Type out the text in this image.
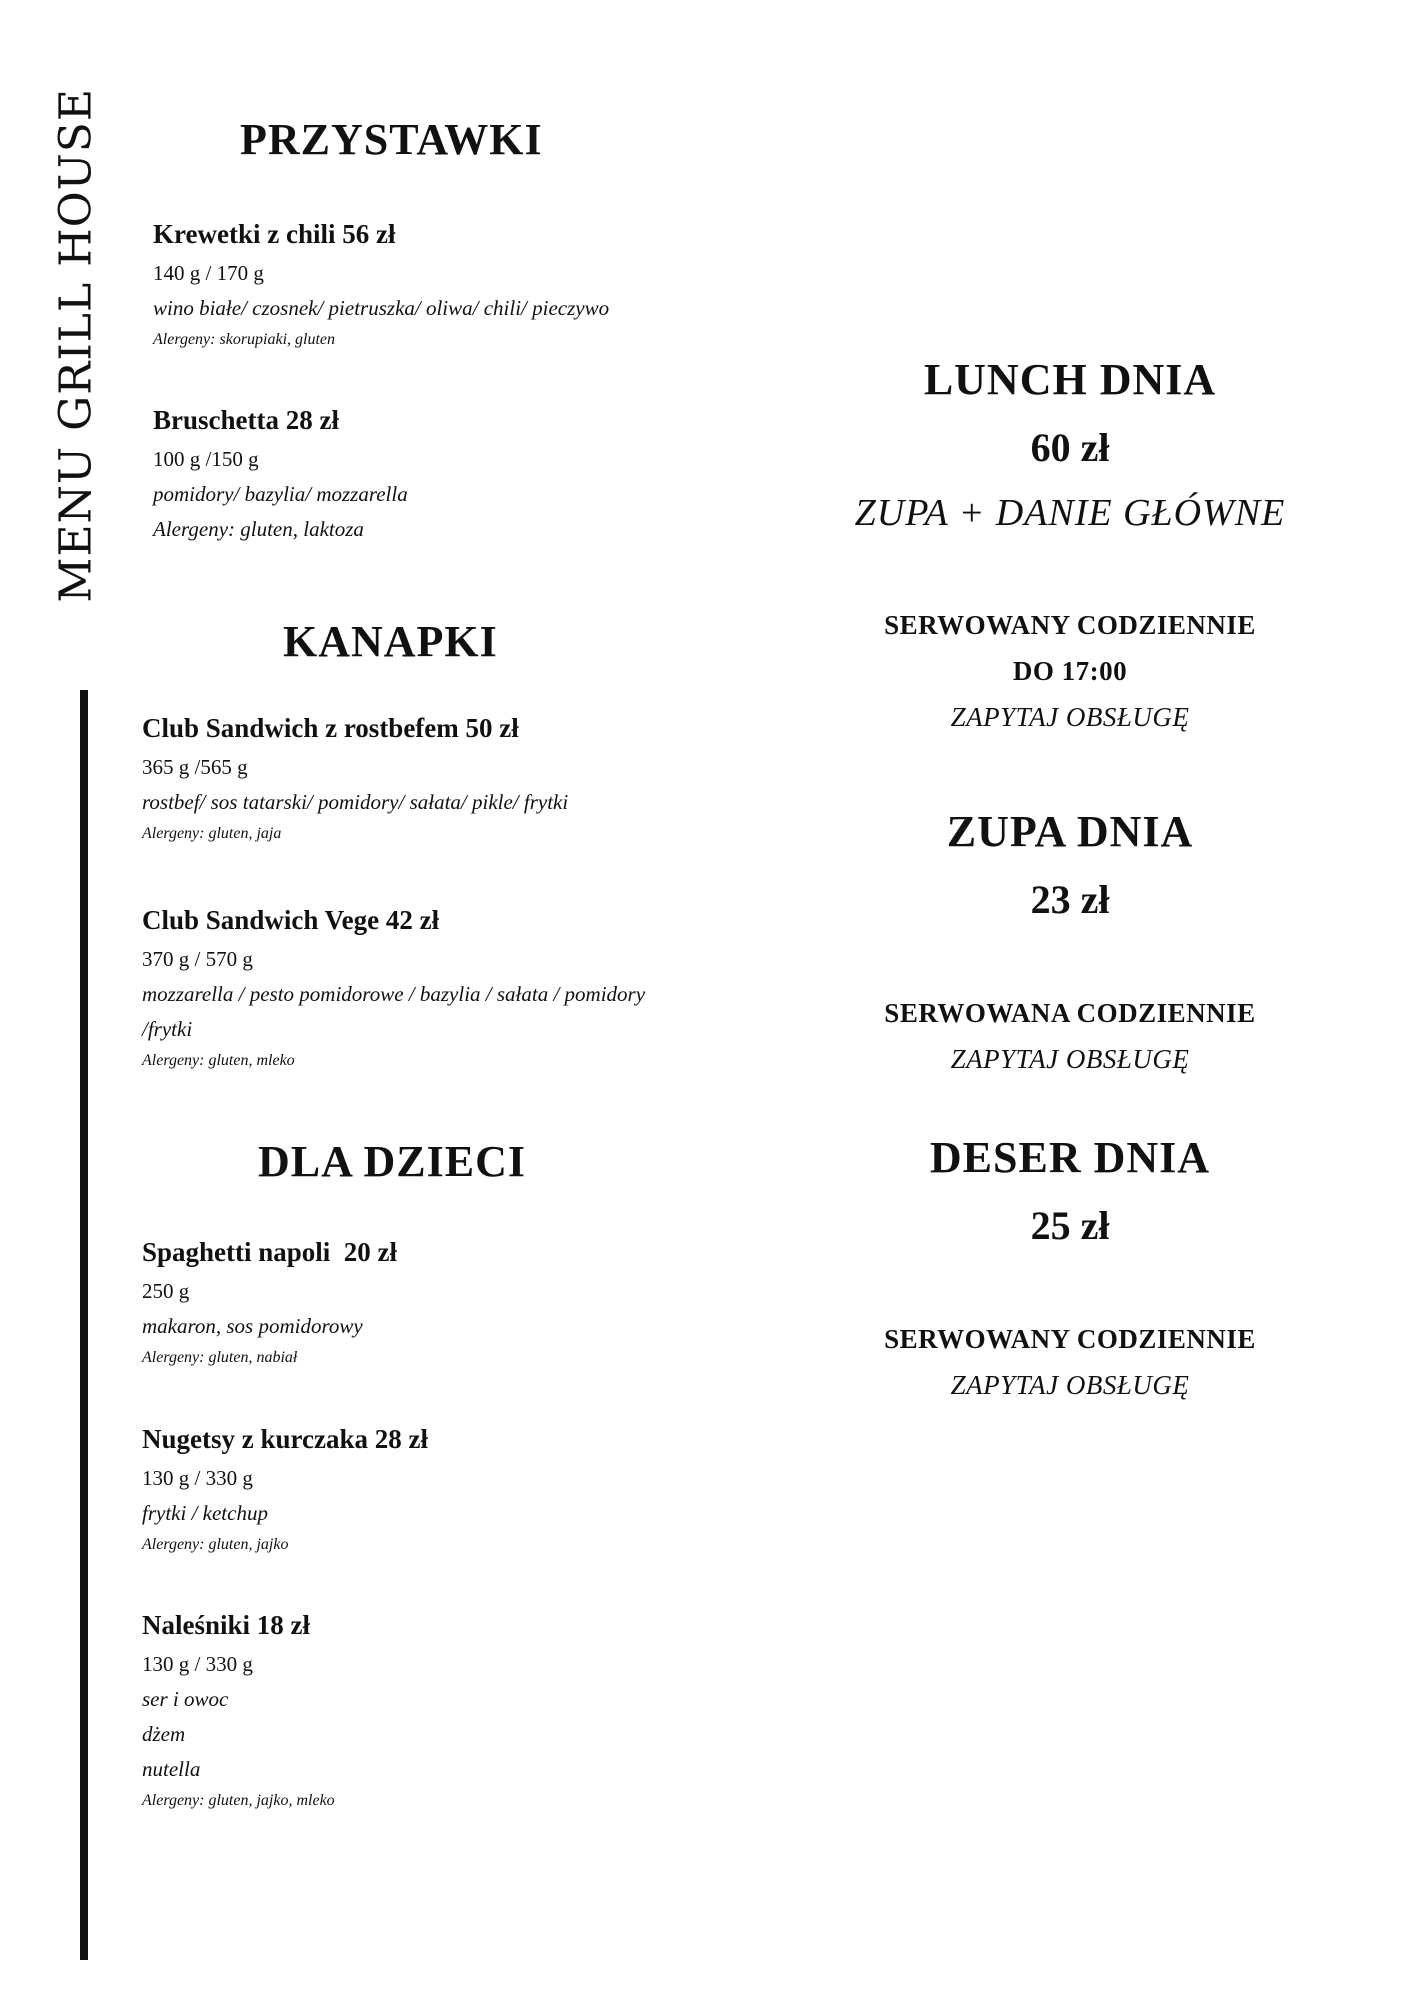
MENU GRILL HOUSE	PRZYSTAWKI

Krewetki z chili 56 zł

140 g / 170 g

wino białe/ czosnek/ pietruszka/ oliwa/ chili/ pieczywo

Alergeny: skorupiaki, gluten

Bruschetta 28 zł

100 g /150 g

pomidory/ bazylia/ mozzarella

Alergeny: gluten, laktoza

KANAPKI

Club Sandwich z rostbefem 50 zł

365 g /565 g

rostbef/ sos tatarski/ pomidory/ sałata/ pikle/ frytki

Alergeny: gluten, jaja

Club Sandwich Vege 42 zł

370 g / 570 g

mozzarella / pesto pomidorowe / bazylia / sałata / pomidory

/frytki

Alergeny: gluten, mleko

DLA DZIECI

Spaghetti napoli  20 zł

250 g

makaron, sos pomidorowy

Alergeny: gluten, nabiał

Nugetsy z kurczaka 28 zł

130 g / 330 g

frytki / ketchup

Alergeny: gluten, jajko

Naleśniki 18 zł

130 g / 330 g

ser i owoc

dżem

nutella

Alergeny: gluten, jajko, mleko

LUNCH DNIA

60 zł

ZUPA + DANIE GŁÓWNE

SERWOWANY CODZIENNIE

DO 17:00

ZAPYTAJ OBSŁUGĘ

ZUPA DNIA

23 zł

SERWOWANA CODZIENNIE

ZAPYTAJ OBSŁUGĘ

DESER DNIA

25 zł

SERWOWANY CODZIENNIE

ZAPYTAJ OBSŁUGĘ
